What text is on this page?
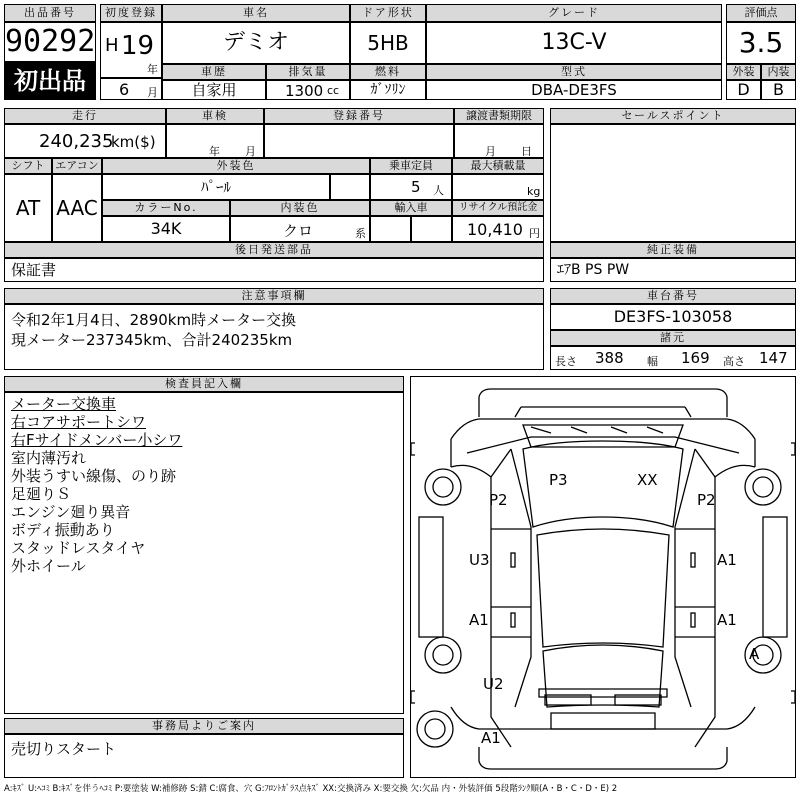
出品番号
90292
初出品
初度登録
H 19
年
6 月
車名
デミオ
ドア形状
5HB
グレード
13C-V
車歴
自家用
排気量
1300 cc
燃料
ｶﾞｿﾘﾝ
型式
DBA-DE3FS
評価点
3.5
外装	内装
D	B
走行
240,235
km($)
車検
年 月
登録番号	譲渡書類期限
月 日
シフト
AT
エアコン
AAC
外装色
ﾊﾟｰﾙ
乗車定員
5 人
最大積載量
kg
カラーNo.
34K
内装色
クロ	系
輸入車	リサイクル預託金
10,410 円
後日発送部品
保証書
セールスポイント
純正装備
ｴｱB PS PW
注意事項欄
令和2年1月4日、2890km時メーター交換
現メーター237345km、合計240235km
車台番号
DE3FS-103058
諸元
長さ 388 幅 169 高さ 147
検査員記入欄
メーター交換車
右コアサポートシワ
右Fサイドメンバー小シワ
室内薄汚れ
外装うすい線傷、のり跡
足廻りＳ
エンジン廻り異音
ボディ振動あり
スタッドレスタイヤ
外ホイール
事務局よりご案内
売切りスタート
P3	XX
P2	P2
U3	A1
A1	A1
A
U2
A1
A:ｷｽﾞ U:ﾍｺﾐ B:ｷｽﾞを伴うﾍｺﾐ P:要塗装 W:補修跡 S:錆 C:腐食、穴 G:ﾌﾛﾝﾄｶﾞﾗｽ点ｷｽﾞ XX:交換済み X:要交換 欠:欠品 内・外装評価 5段階ﾗﾝｸ順(A・B・C・D・E) 2
